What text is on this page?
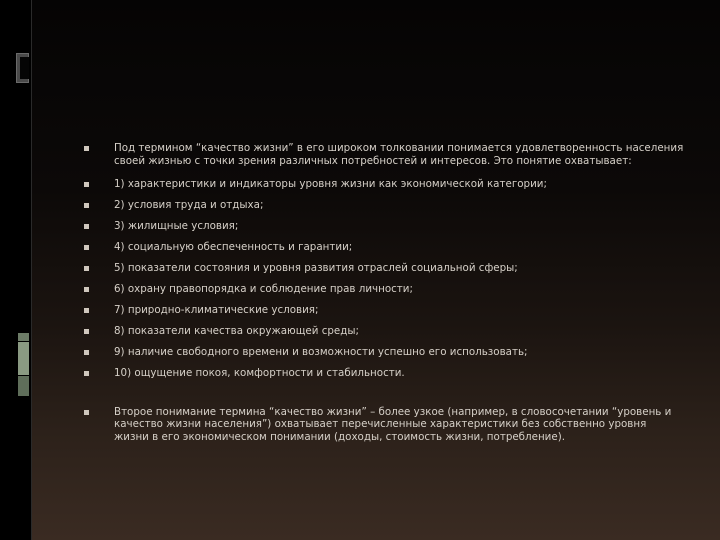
Под термином “качество жизни” в его широком толковании понимается удовлетворенность населения своей жизнью с точки зрения различных потребностей и интересов. Это понятие охватывает:
1) характеристики и индикаторы уровня жизни как экономической категории;
2) условия труда и отдыха;
3) жилищные условия;
4) социальную обеспеченность и гарантии;
5) показатели состояния и уровня развития отраслей социальной сферы;
6) охрану правопорядка и соблюдение прав личности;
7) природно-климатические условия;
8) показатели качества окружающей среды;
9) наличие свободного времени и возможности успешно его использовать;
10) ощущение покоя, комфортности и стабильности.
Второе понимание термина “качество жизни” – более узкое (например, в словосочетании “уровень и качество жизни населения”) охватывает перечисленные характеристики без собственно уровня жизни в его экономическом понимании (доходы, стоимость жизни, потребление).
